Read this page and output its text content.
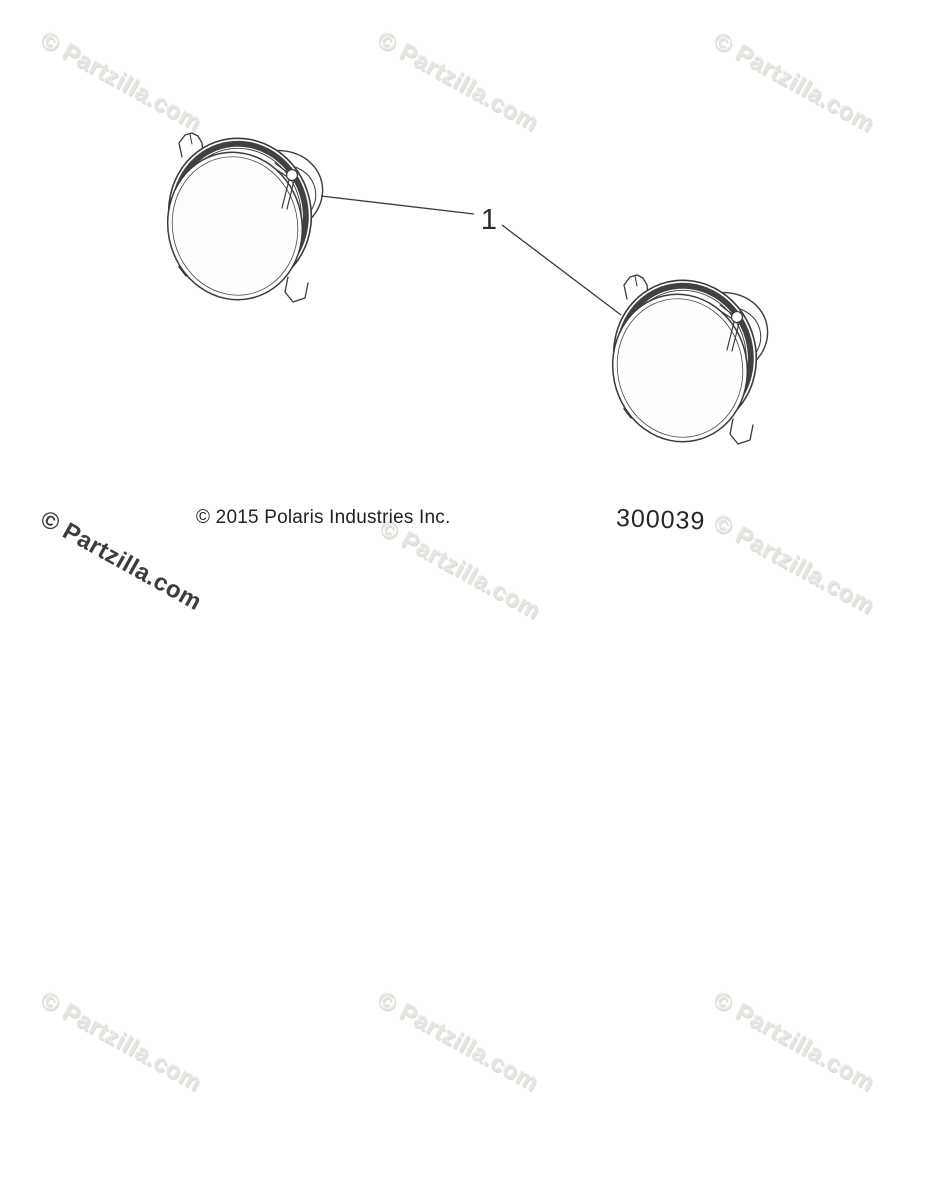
© Partzilla.com	© Partzilla.com	© Partzilla.com
© Partzilla.com	© Partzilla.com	© Partzilla.com
© Partzilla.com	© Partzilla.com	© Partzilla.com
1
© 2015 Polaris Industries Inc.	300039
